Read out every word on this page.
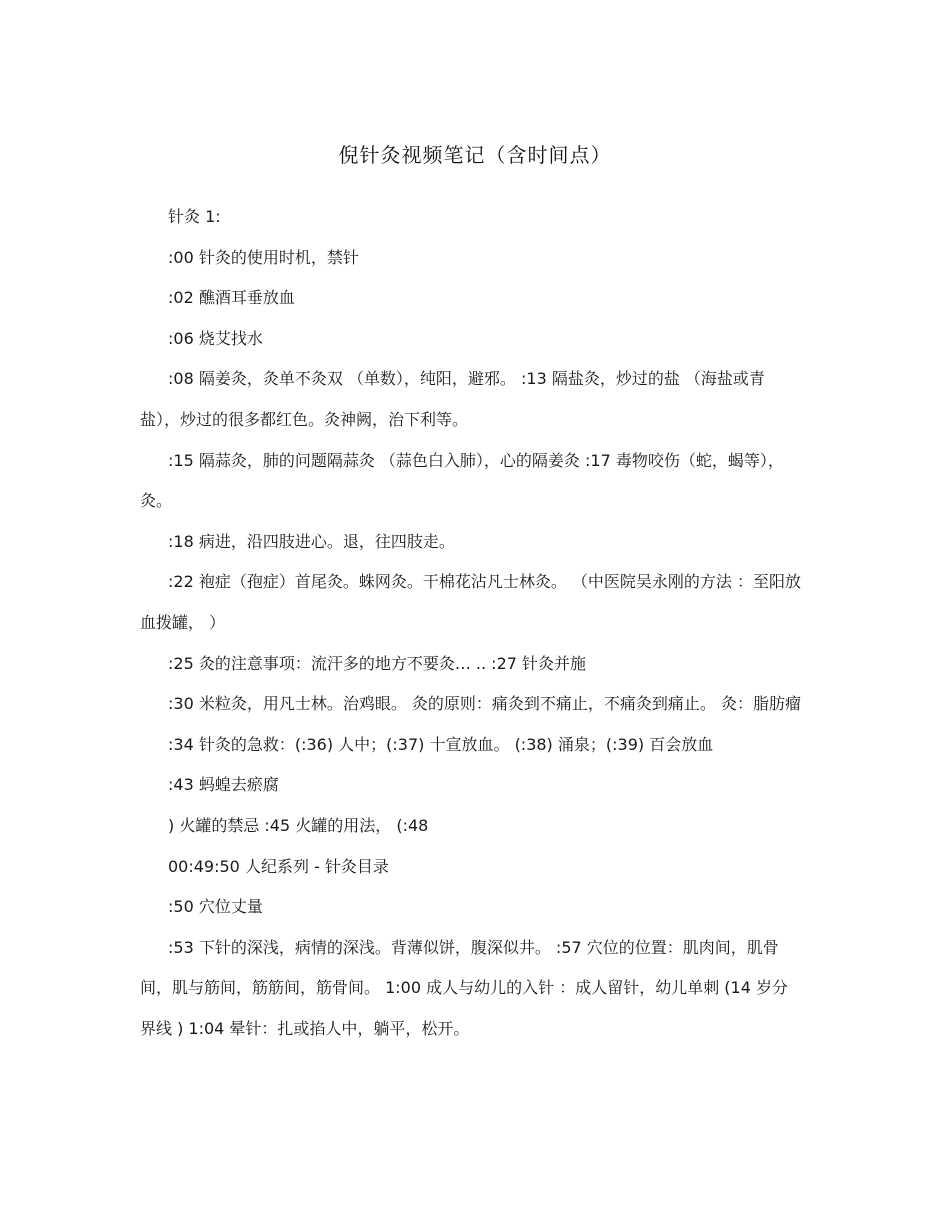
倪针灸视频笔记（含时间点）

针灸 1:

:00 针灸的使用时机，禁针

:02 醮酒耳垂放血

:06 烧艾找水

:08 隔姜灸，灸单不灸双 （单数），纯阳，避邪。 :13 隔盐灸，炒过的盐 （海盐或青盐），炒过的很多都红色。灸神阙，治下利等。

:15 隔蒜灸，肺的问题隔蒜灸 （蒜色白入肺），心的隔姜灸 :17 毒物咬伤（蛇，蝎等），灸。

:18 病进，沿四肢进心。退，往四肢走。

:22 袍症（孢症）首尾灸。蛛网灸。干棉花沾凡士林灸。 （中医院吴永刚的方法 ：至阳放血拨罐， ）

:25 灸的注意事项：流汗多的地方不要灸… .. :27 针灸并施

:30 米粒灸，用凡士林。治鸡眼。 灸的原则：痛灸到不痛止，不痛灸到痛止。 灸：脂肪瘤

:34 针灸的急救：(:36) 人中；(:37) 十宣放血。 (:38) 涌泉；(:39) 百会放血

:43 蚂蝗去瘀腐

) 火罐的禁忌 :45 火罐的用法， (:48

00:49:50 人纪系列 - 针灸目录

:50 穴位丈量

:53 下针的深浅，病情的深浅。背薄似饼，腹深似井。 :57 穴位的位置：肌肉间，肌骨间，肌与筋间，筋筋间，筋骨间。 1:00 成人与幼儿的入针 ：成人留针，幼儿单刺 (14 岁分界线 ) 1:04 晕针：扎或掐人中，躺平，松开。
